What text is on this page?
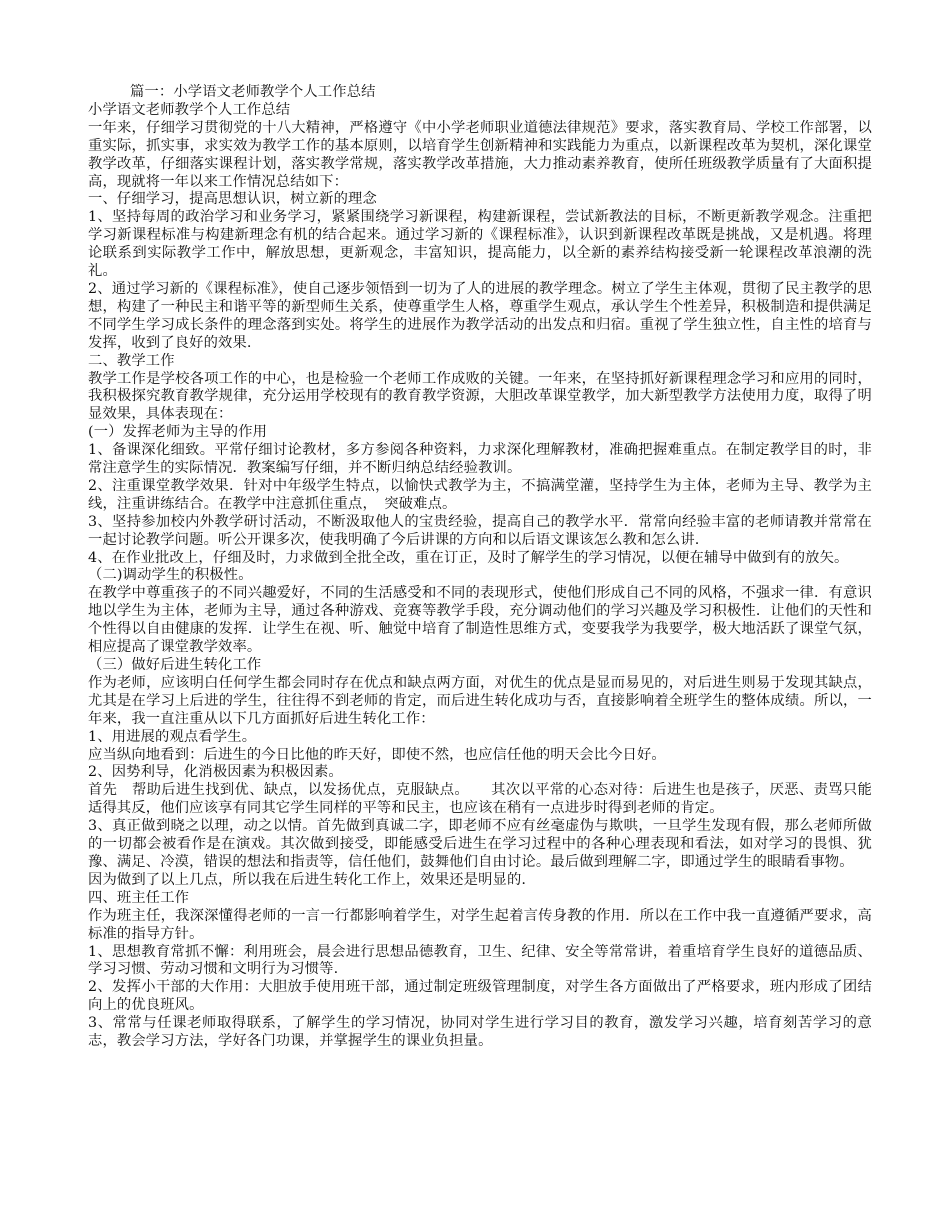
篇一：小学语文老师教学个人工作总结

小学语文老师教学个人工作总结

一年来，仔细学习贯彻党的十八大精神，严格遵守《中小学老师职业道德法律规范》要求，落实教育局、学校工作部署，以重实际，抓实事，求实效为教学工作的基本原则，以培育学生创新精神和实践能力为重点，以新课程改革为契机，深化课堂教学改革，仔细落实课程计划，落实教学常规，落实教学改革措施，大力推动素养教育，使所任班级教学质量有了大面积提高，现就将一年以来工作情况总结如下：

一、仔细学习，提高思想认识，树立新的理念

1、坚持每周的政治学习和业务学习，紧紧围绕学习新课程，构建新课程，尝试新教法的目标，不断更新教学观念。注重把学习新课程标准与构建新理念有机的结合起来。通过学习新的《课程标准》，认识到新课程改革既是挑战，又是机遇。将理论联系到实际教学工作中，解放思想，更新观念，丰富知识，提高能力，以全新的素养结构接受新一轮课程改革浪潮的洗礼。

2、通过学习新的《课程标准》，使自己逐步领悟到一切为了人的进展的教学理念。树立了学生主体观，贯彻了民主教学的思想，构建了一种民主和谐平等的新型师生关系，使尊重学生人格，尊重学生观点，承认学生个性差异，积极制造和提供满足不同学生学习成长条件的理念落到实处。将学生的进展作为教学活动的出发点和归宿。重视了学生独立性，自主性的培育与发挥，收到了良好的效果.

二、教学工作

教学工作是学校各项工作的中心，也是检验一个老师工作成败的关键。一年来，在坚持抓好新课程理念学习和应用的同时，我积极探究教育教学规律，充分运用学校现有的教育教学资源，大胆改革课堂教学，加大新型教学方法使用力度，取得了明显效果，具体表现在：

(一）发挥老师为主导的作用

1、备课深化细致。平常仔细讨论教材，多方参阅各种资料，力求深化理解教材，准确把握难重点。在制定教学目的时，非常注意学生的实际情况．教案编写仔细，并不断归纳总结经验教训。

2、注重课堂教学效果．针对中年级学生特点，以愉快式教学为主，不搞满堂灌，坚持学生为主体，老师为主导、教学为主线，注重讲练结合。在教学中注意抓住重点，　突破难点。

3、坚持参加校内外教学研讨活动，不断汲取他人的宝贵经验，提高自己的教学水平．常常向经验丰富的老师请教并常常在一起讨论教学问题。听公开课多次，使我明确了今后讲课的方向和以后语文课该怎么教和怎么讲.

4、在作业批改上，仔细及时，力求做到全批全改，重在订正，及时了解学生的学习情况，以便在辅导中做到有的放矢。

（二)调动学生的积极性。

在教学中尊重孩子的不同兴趣爱好，不同的生活感受和不同的表现形式，使他们形成自己不同的风格，不强求一律．有意识地以学生为主体，老师为主导，通过各种游戏、竞赛等教学手段，充分调动他们的学习兴趣及学习积极性．让他们的天性和个性得以自由健康的发挥．让学生在视、听、触觉中培育了制造性思维方式，变要我学为我要学，极大地活跃了课堂气氛，相应提高了课堂教学效率。

（三）做好后进生转化工作

作为老师，应该明白任何学生都会同时存在优点和缺点两方面，对优生的优点是显而易见的，对后进生则易于发现其缺点，尤其是在学习上后进的学生，往往得不到老师的肯定，而后进生转化成功与否，直接影响着全班学生的整体成绩。所以，一年来，我一直注重从以下几方面抓好后进生转化工作：

1、用进展的观点看学生。

应当纵向地看到：后进生的今日比他的昨天好，即使不然，也应信任他的明天会比今日好。

2、因势利导，化消极因素为积极因素。

首先　帮助后进生找到优、缺点，以发扬优点，克服缺点。　　其次以平常的心态对待：后进生也是孩子，厌恶、责骂只能适得其反，他们应该享有同其它学生同样的平等和民主，也应该在稍有一点进步时得到老师的肯定。

3、真正做到晓之以理，动之以情。首先做到真诚二字，即老师不应有丝毫虚伪与欺哄，一旦学生发现有假，那么老师所做的一切都会被看作是在演戏。其次做到接受，即能感受后进生在学习过程中的各种心理表现和看法，如对学习的畏惧、犹豫、满足、冷漠，错误的想法和指责等，信任他们，鼓舞他们自由讨论。最后做到理解二字，即通过学生的眼睛看事物。

因为做到了以上几点，所以我在后进生转化工作上，效果还是明显的.

四、班主任工作

作为班主任，我深深懂得老师的一言一行都影响着学生，对学生起着言传身教的作用．所以在工作中我一直遵循严要求，高标准的指导方针。

1、思想教育常抓不懈：利用班会，晨会进行思想品德教育，卫生、纪律、安全等常常讲，着重培育学生良好的道德品质、学习习惯、劳动习惯和文明行为习惯等.

2、发挥小干部的大作用：大胆放手使用班干部，通过制定班级管理制度，对学生各方面做出了严格要求，班内形成了团结向上的优良班风。

3、常常与任课老师取得联系，了解学生的学习情况，协同对学生进行学习目的教育，激发学习兴趣，培育刻苦学习的意志，教会学习方法，学好各门功课，并掌握学生的课业负担量。
